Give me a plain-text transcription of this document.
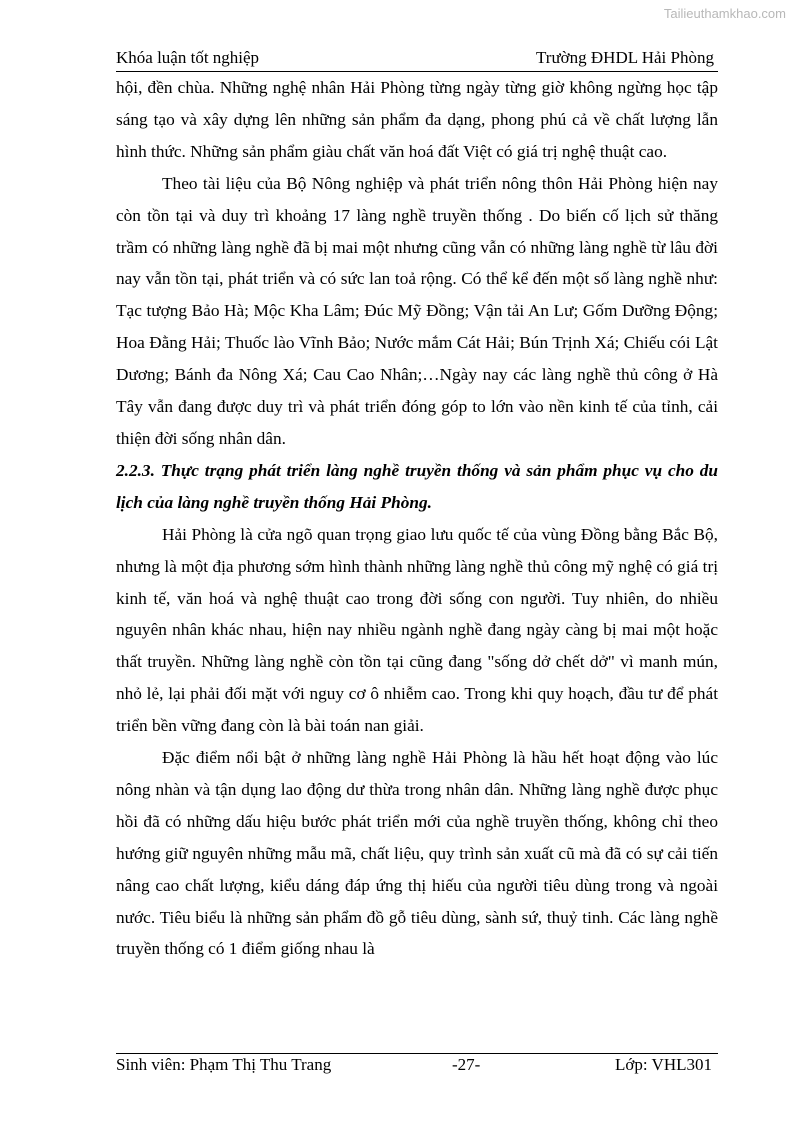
Tailieuthamkhao.com
Khóa luận tốt nghiệp	Trường ĐHDL Hải Phòng

hội, đền chùa. Những nghệ nhân Hải Phòng từng ngày từng giờ không ngừng học tập sáng tạo và xây dựng lên những sản phẩm đa dạng, phong phú cả về chất lượng lẫn hình thức. Những sản phẩm giàu chất văn hoá đất Việt có giá trị nghệ thuật cao.

Theo tài liệu của Bộ Nông nghiệp và phát triển nông thôn Hải Phòng hiện nay còn tồn tại và duy trì khoảng 17 làng nghề truyền thống . Do biến cố lịch sử thăng trầm có những làng nghề đã bị mai một nhưng cũng vẫn có những làng nghề từ lâu đời nay vẫn tồn tại, phát triển và có sức lan toả rộng. Có thể kể đến một số làng nghề như: Tạc tượng Bảo Hà; Mộc Kha Lâm; Đúc Mỹ Đồng; Vận tải An Lư; Gốm Dưỡng Động; Hoa Đằng Hải; Thuốc lào Vĩnh Bảo; Nước mắm Cát Hải; Bún Trịnh Xá; Chiếu cói Lật Dương; Bánh đa Nông Xá; Cau Cao Nhân;…Ngày nay các làng nghề thủ công ở Hà Tây vẫn đang được duy trì và phát triển đóng góp to lớn vào nền kinh tế của tỉnh, cải thiện đời sống nhân dân.

2.2.3. Thực trạng phát triển làng nghề truyền thống và sản phẩm phục vụ cho du lịch của làng nghề truyền thống Hải Phòng.

Hải Phòng là cửa ngõ quan trọng giao lưu quốc tế của vùng Đồng bằng Bắc Bộ, nhưng là một địa phương sớm hình thành những làng nghề thủ công mỹ nghệ có giá trị kinh tế, văn hoá và nghệ thuật cao trong đời sống con người. Tuy nhiên, do nhiều nguyên nhân khác nhau, hiện nay nhiều ngành nghề đang ngày càng bị mai một hoặc thất truyền. Những làng nghề còn tồn tại cũng đang "sống dở chết dở" vì manh mún, nhỏ lẻ, lại phải đối mặt với nguy cơ ô nhiễm cao. Trong khi quy hoạch, đầu tư để phát triển bền vững đang còn là bài toán nan giải.

Đặc điểm nổi bật ở những làng nghề Hải Phòng là hầu hết hoạt động vào lúc nông nhàn và tận dụng lao động dư thừa trong nhân dân. Những làng nghề được phục hồi đã có những dấu hiệu bước phát triển mới của nghề truyền thống, không chỉ theo hướng giữ nguyên những mẫu mã, chất liệu, quy trình sản xuất cũ mà đã có sự cải tiến nâng cao chất lượng, kiểu dáng đáp ứng thị hiếu của người tiêu dùng trong và ngoài nước. Tiêu biểu là những sản phẩm đồ gỗ tiêu dùng, sành sứ, thuỷ tinh. Các làng nghề truyền thống có 1 điểm giống nhau là

Sinh viên: Phạm Thị Thu Trang	-27-	Lớp: VHL301
